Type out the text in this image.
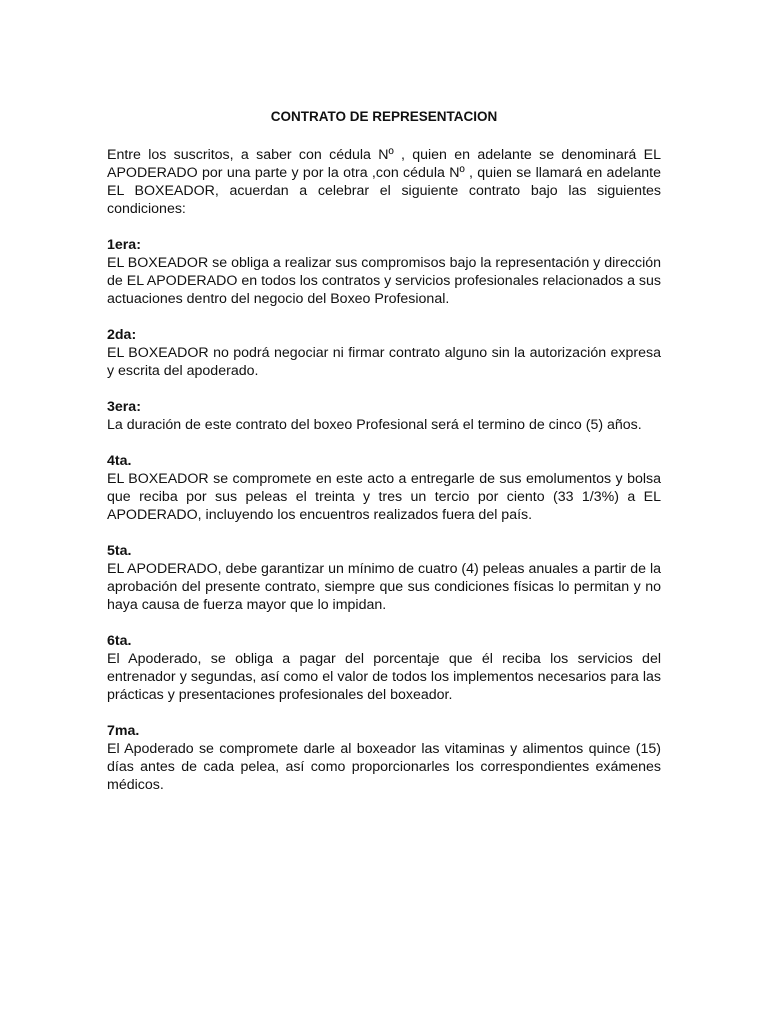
CONTRATO DE REPRESENTACION

Entre los suscritos, a saber con cédula Nº , quien en adelante se denominará EL APODERADO por una parte y por la otra ,con cédula Nº , quien se llamará en adelante EL BOXEADOR, acuerdan a celebrar el siguiente contrato bajo las siguientes condiciones:

1era:

EL BOXEADOR se obliga a realizar sus compromisos bajo la representación y dirección de EL APODERADO en todos los contratos y servicios profesionales relacionados a sus actuaciones dentro del negocio del Boxeo Profesional.

2da:

EL BOXEADOR no podrá negociar ni firmar contrato alguno sin la autorización expresa y escrita del apoderado.

3era:

La duración de este contrato del boxeo Profesional será el termino de cinco (5) años.

4ta.

EL BOXEADOR se compromete en este acto a entregarle de sus emolumentos y bolsa que reciba por sus peleas el treinta y tres un tercio por ciento (33 1/3%) a EL APODERADO, incluyendo los encuentros realizados fuera del país.

5ta.

EL APODERADO, debe garantizar un mínimo de cuatro (4) peleas anuales a partir de la aprobación del presente contrato, siempre que sus condiciones físicas lo permitan y no haya causa de fuerza mayor que lo impidan.

6ta.

El Apoderado, se obliga a pagar del porcentaje que él reciba los servicios del entrenador y segundas, así como el valor de todos los implementos necesarios para las prácticas y presentaciones profesionales del boxeador.

7ma.

El Apoderado se compromete darle al boxeador las vitaminas y alimentos quince (15) días antes de cada pelea, así como proporcionarles los correspondientes exámenes médicos.
